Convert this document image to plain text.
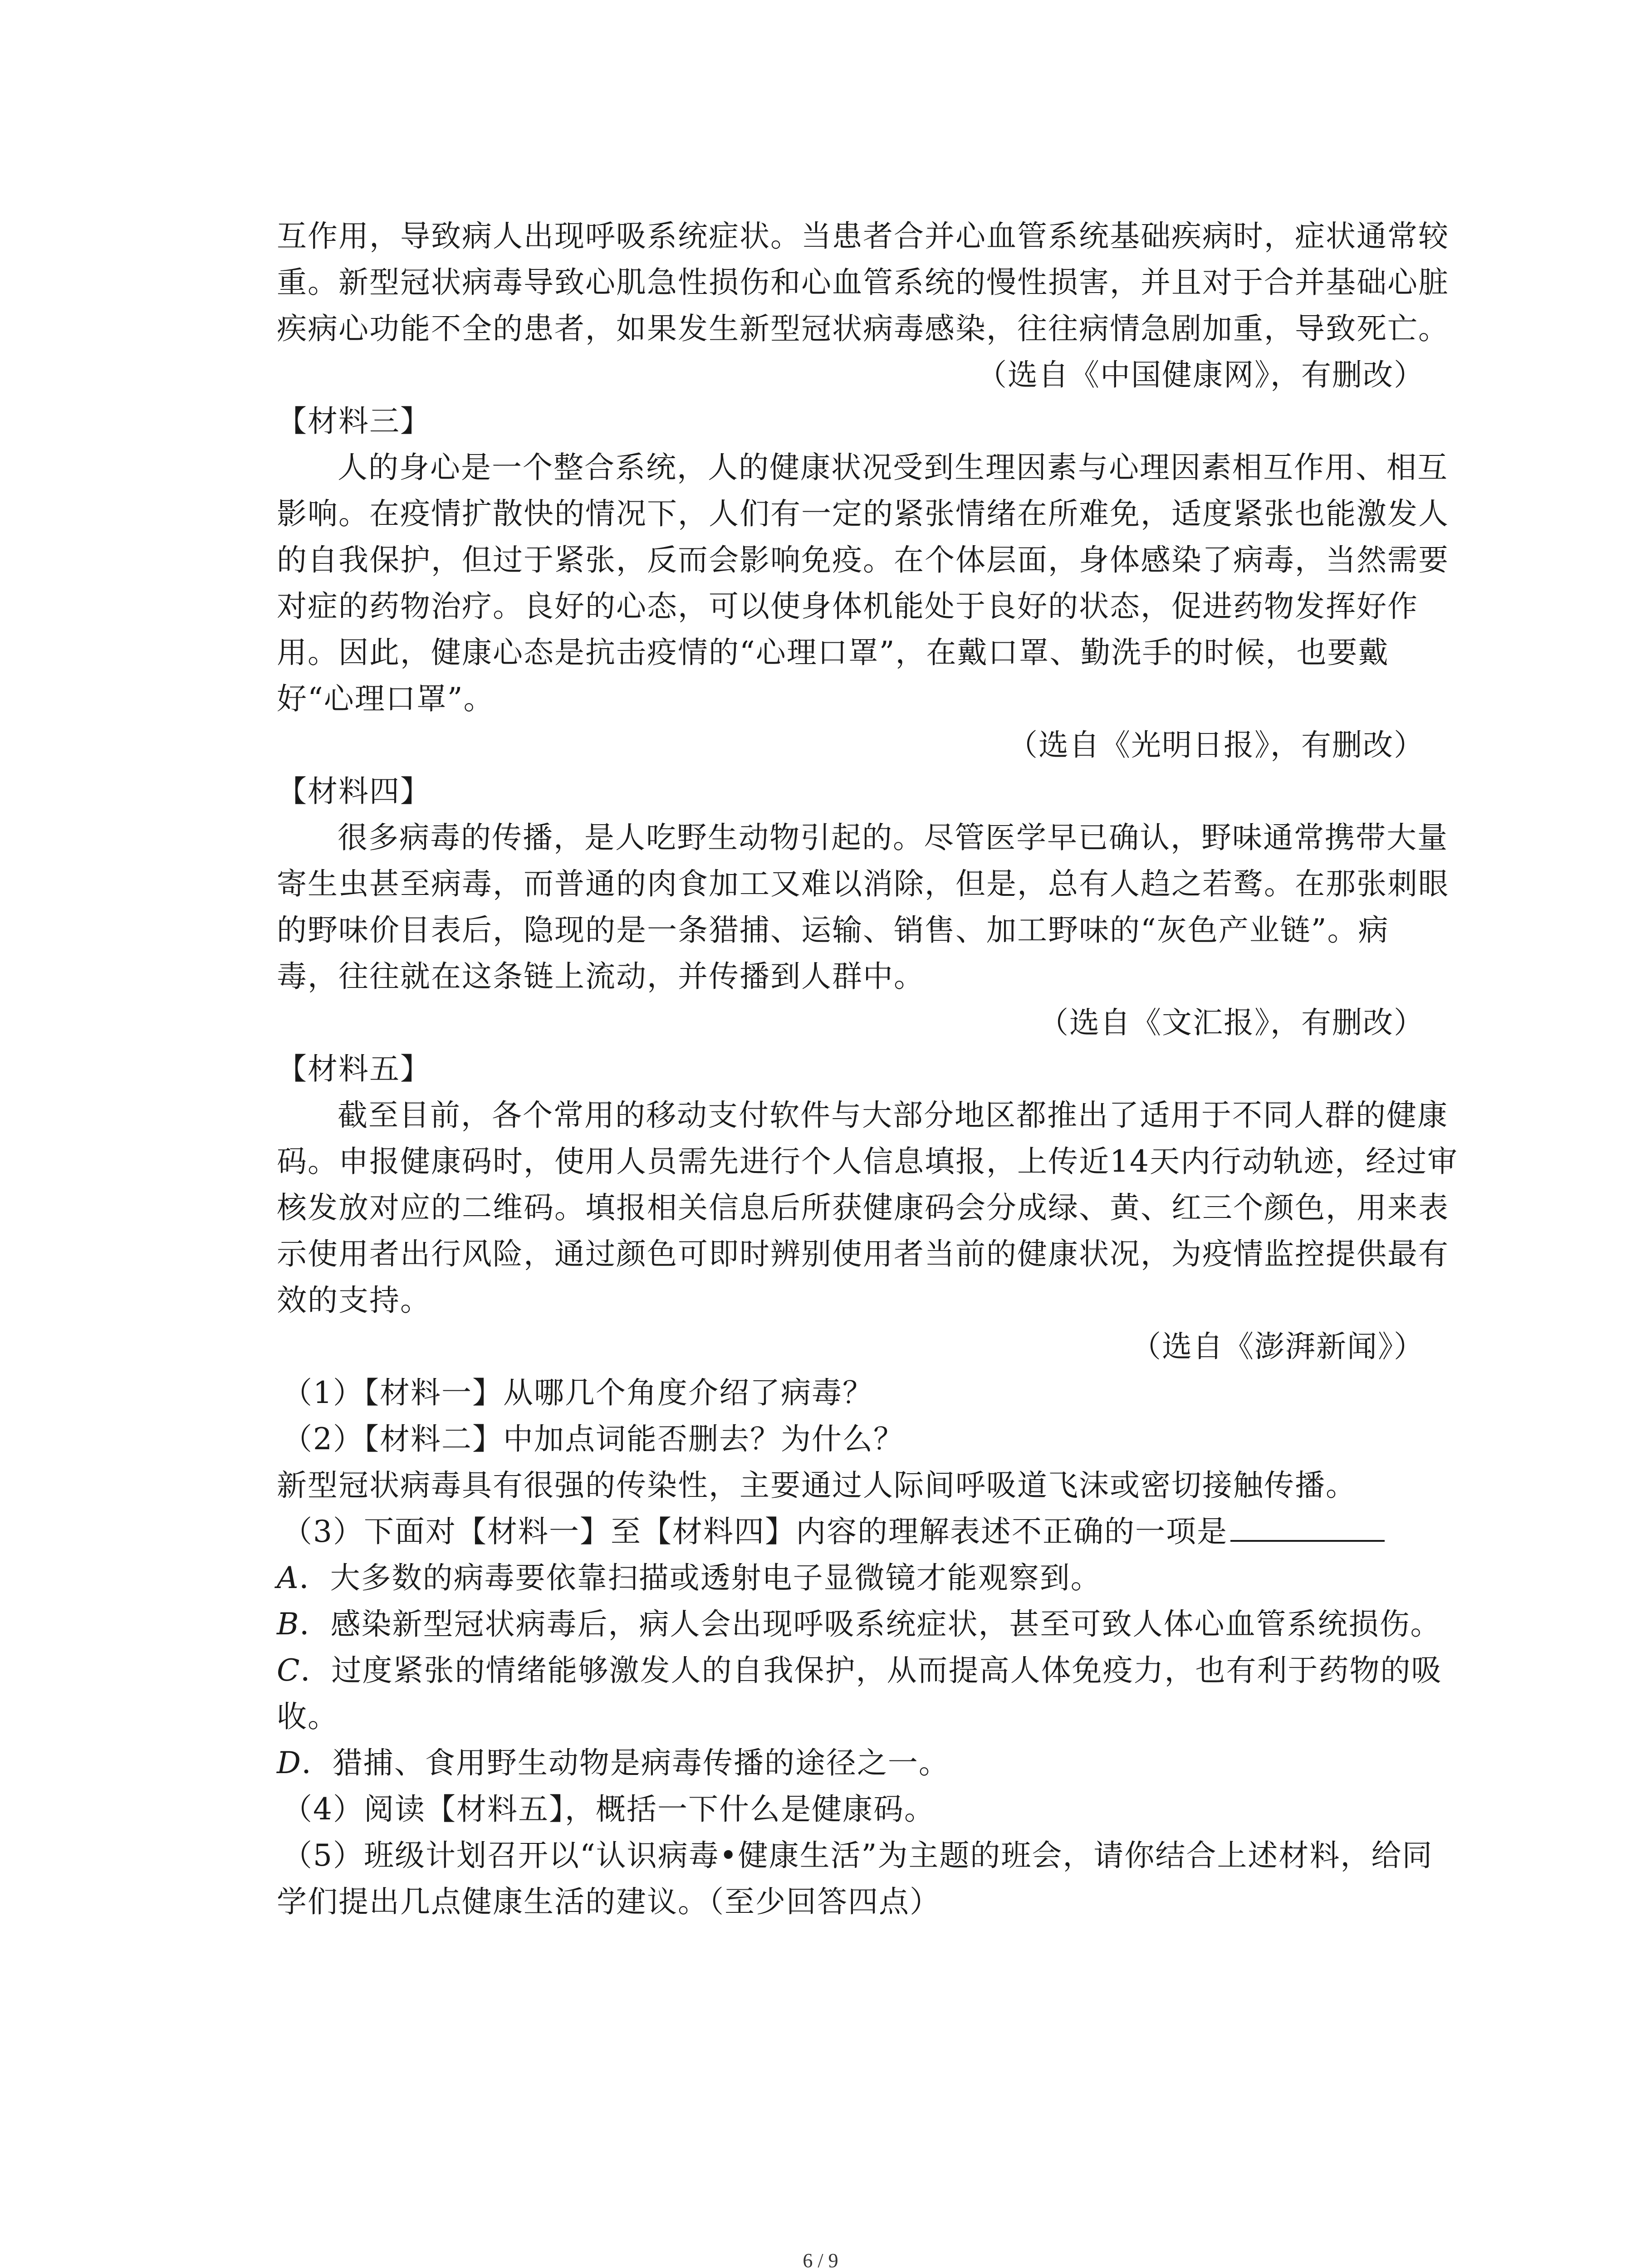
互作用，导致病人出现呼吸系统症状。当患者合并心血管系统基础疾病时，症状通常较
重。新型冠状病毒导致心肌急性损伤和心血管系统的慢性损害，并且对于合并基础心脏
疾病心功能不全的患者，如果发生新型冠状病毒感染，往往病情急剧加重，导致死亡。
（选自《中国健康网》，有删改）
【材料三】
人的身心是一个整合系统，人的健康状况受到生理因素与心理因素相互作用、相互
影响。在疫情扩散快的情况下，人们有一定的紧张情绪在所难免，适度紧张也能激发人
的自我保护，但过于紧张，反而会影响免疫。在个体层面，身体感染了病毒，当然需要
对症的药物治疗。良好的心态，可以使身体机能处于良好的状态，促进药物发挥好作
用。因此，健康心态是抗击疫情的“心理口罩”，在戴口罩、勤洗手的时候，也要戴
好“心理口罩”。
（选自《光明日报》，有删改）
【材料四】
很多病毒的传播，是人吃野生动物引起的。尽管医学早已确认，野味通常携带大量
寄生虫甚至病毒，而普通的肉食加工又难以消除，但是，总有人趋之若鹜。在那张刺眼
的野味价目表后，隐现的是一条猎捕、运输、销售、加工野味的“灰色产业链”。病
毒，往往就在这条链上流动，并传播到人群中。
（选自《文汇报》，有删改）
【材料五】
截至目前，各个常用的移动支付软件与大部分地区都推出了适用于不同人群的健康
码。申报健康码时，使用人员需先进行个人信息填报，上传近14天内行动轨迹，经过审
核发放对应的二维码。填报相关信息后所获健康码会分成绿、黄、红三个颜色，用来表
示使用者出行风险，通过颜色可即时辨别使用者当前的健康状况，为疫情监控提供最有
效的支持。
（选自《澎湃新闻》）
（1）【材料一】从哪几个角度介绍了病毒？
（2）【材料二】中加点词能否删去？为什么？
新型冠状病毒具有很强的传染性，主要通过人际间呼吸道飞沫或密切接触传播。
（3）下面对【材料一】至【材料四】内容的理解表述不正确的一项是
A．大多数的病毒要依靠扫描或透射电子显微镜才能观察到。
B．感染新型冠状病毒后，病人会出现呼吸系统症状，甚至可致人体心血管系统损伤。
C．过度紧张的情绪能够激发人的自我保护，从而提高人体免疫力，也有利于药物的吸
收。
D．猎捕、食用野生动物是病毒传播的途径之一。
（4）阅读【材料五】，概括一下什么是健康码。
（5）班级计划召开以“认识病毒•健康生活”为主题的班会，请你结合上述材料，给同
学们提出几点健康生活的建议。（至少回答四点）
6 / 9
